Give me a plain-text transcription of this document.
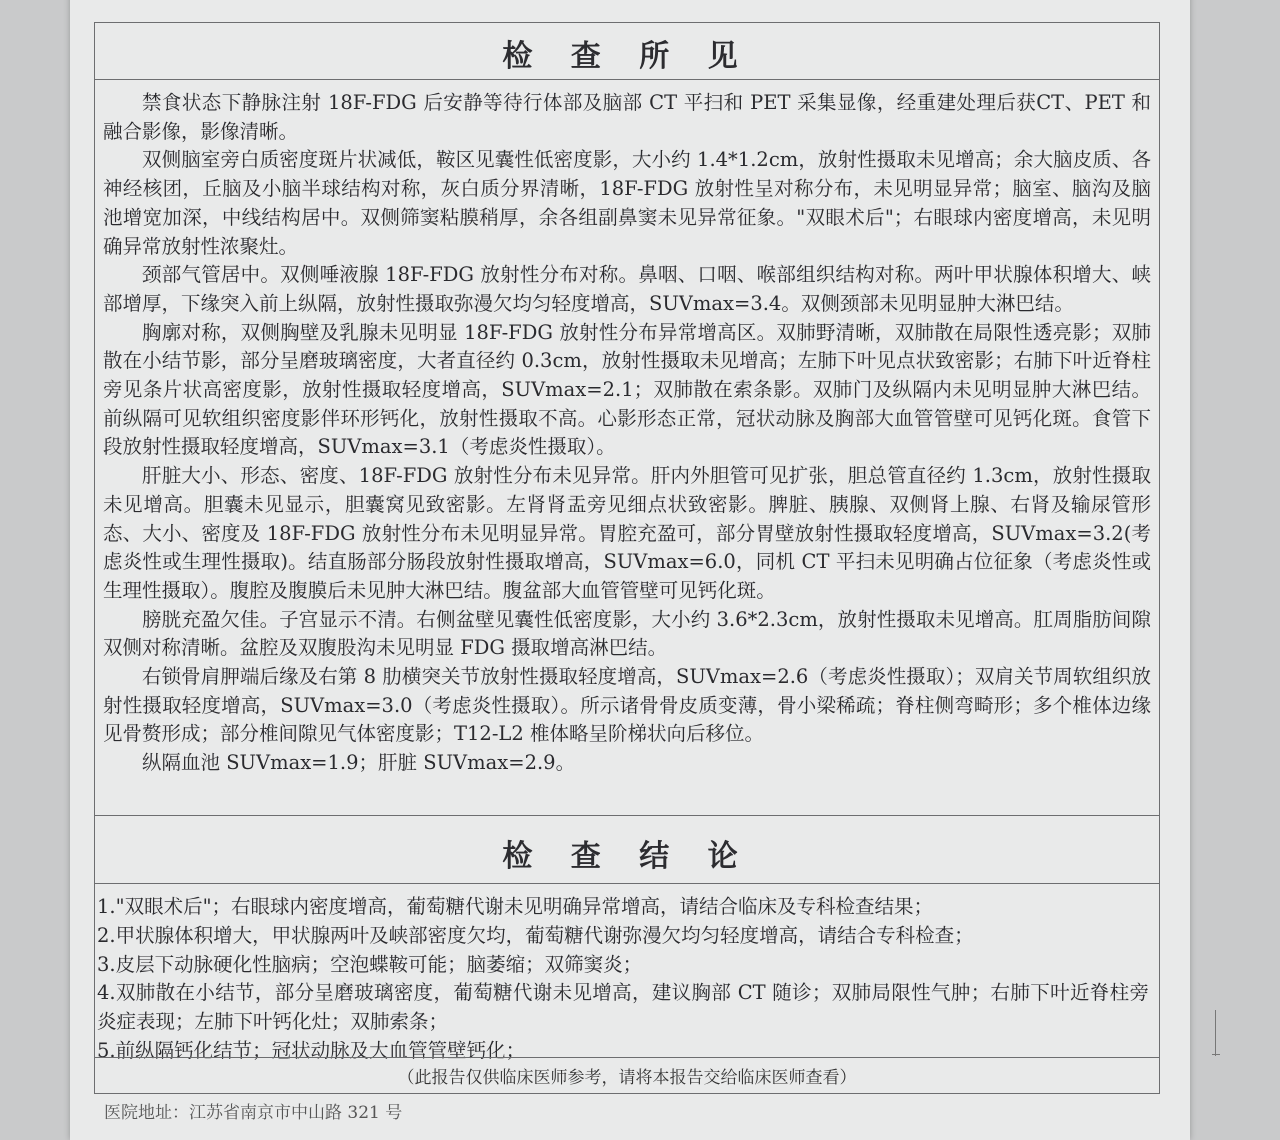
检 查 所 见

禁食状态下静脉注射 18F-FDG 后安静等待行体部及脑部 CT 平扫和 PET 采集显像，经重建处理后获CT、PET 和融合影像，影像清晰。

双侧脑室旁白质密度斑片状减低，鞍区见囊性低密度影，大小约 1.4*1.2cm，放射性摄取未见增高；余大脑皮质、各神经核团，丘脑及小脑半球结构对称，灰白质分界清晰，18F-FDG 放射性呈对称分布，未见明显异常；脑室、脑沟及脑池增宽加深，中线结构居中。双侧筛窦粘膜稍厚，余各组副鼻窦未见异常征象。"双眼术后"；右眼球内密度增高，未见明确异常放射性浓聚灶。

颈部气管居中。双侧唾液腺 18F-FDG 放射性分布对称。鼻咽、口咽、喉部组织结构对称。两叶甲状腺体积增大、峡部增厚，下缘突入前上纵隔，放射性摄取弥漫欠均匀轻度增高，SUVmax=3.4。双侧颈部未见明显肿大淋巴结。

胸廓对称，双侧胸壁及乳腺未见明显 18F-FDG 放射性分布异常增高区。双肺野清晰，双肺散在局限性透亮影；双肺散在小结节影，部分呈磨玻璃密度，大者直径约 0.3cm，放射性摄取未见增高；左肺下叶见点状致密影；右肺下叶近脊柱旁见条片状高密度影，放射性摄取轻度增高，SUVmax=2.1；双肺散在索条影。双肺门及纵隔内未见明显肿大淋巴结。前纵隔可见软组织密度影伴环形钙化，放射性摄取不高。心影形态正常，冠状动脉及胸部大血管管壁可见钙化斑。食管下段放射性摄取轻度增高，SUVmax=3.1（考虑炎性摄取）。

肝脏大小、形态、密度、18F-FDG 放射性分布未见异常。肝内外胆管可见扩张，胆总管直径约 1.3cm，放射性摄取未见增高。胆囊未见显示，胆囊窝见致密影。左肾肾盂旁见细点状致密影。脾脏、胰腺、双侧肾上腺、右肾及输尿管形态、大小、密度及 18F-FDG 放射性分布未见明显异常。胃腔充盈可，部分胃壁放射性摄取轻度增高，SUVmax=3.2(考虑炎性或生理性摄取)。结直肠部分肠段放射性摄取增高，SUVmax=6.0，同机 CT 平扫未见明确占位征象（考虑炎性或生理性摄取）。腹腔及腹膜后未见肿大淋巴结。腹盆部大血管管壁可见钙化斑。

膀胱充盈欠佳。子宫显示不清。右侧盆壁见囊性低密度影，大小约 3.6*2.3cm，放射性摄取未见增高。肛周脂肪间隙双侧对称清晰。盆腔及双腹股沟未见明显 FDG 摄取增高淋巴结。

右锁骨肩胛端后缘及右第 8 肋横突关节放射性摄取轻度增高，SUVmax=2.6（考虑炎性摄取）；双肩关节周软组织放射性摄取轻度增高，SUVmax=3.0（考虑炎性摄取）。所示诸骨骨皮质变薄，骨小梁稀疏；脊柱侧弯畸形；多个椎体边缘见骨赘形成；部分椎间隙见气体密度影；T12-L2 椎体略呈阶梯状向后移位。

纵隔血池 SUVmax=1.9；肝脏 SUVmax=2.9。

检 查 结 论

1."双眼术后"；右眼球内密度增高，葡萄糖代谢未见明确异常增高，请结合临床及专科检查结果；

2.甲状腺体积增大，甲状腺两叶及峡部密度欠均，葡萄糖代谢弥漫欠均匀轻度增高，请结合专科检查；

3.皮层下动脉硬化性脑病；空泡蝶鞍可能；脑萎缩；双筛窦炎；

4.双肺散在小结节，部分呈磨玻璃密度，葡萄糖代谢未见增高，建议胸部 CT 随诊；双肺局限性气肿；右肺下叶近脊柱旁炎症表现；左肺下叶钙化灶；双肺索条；

5.前纵隔钙化结节；冠状动脉及大血管管壁钙化；

（此报告仅供临床医师参考，请将本报告交给临床医师查看）
医院地址：江苏省南京市中山路 321 号
